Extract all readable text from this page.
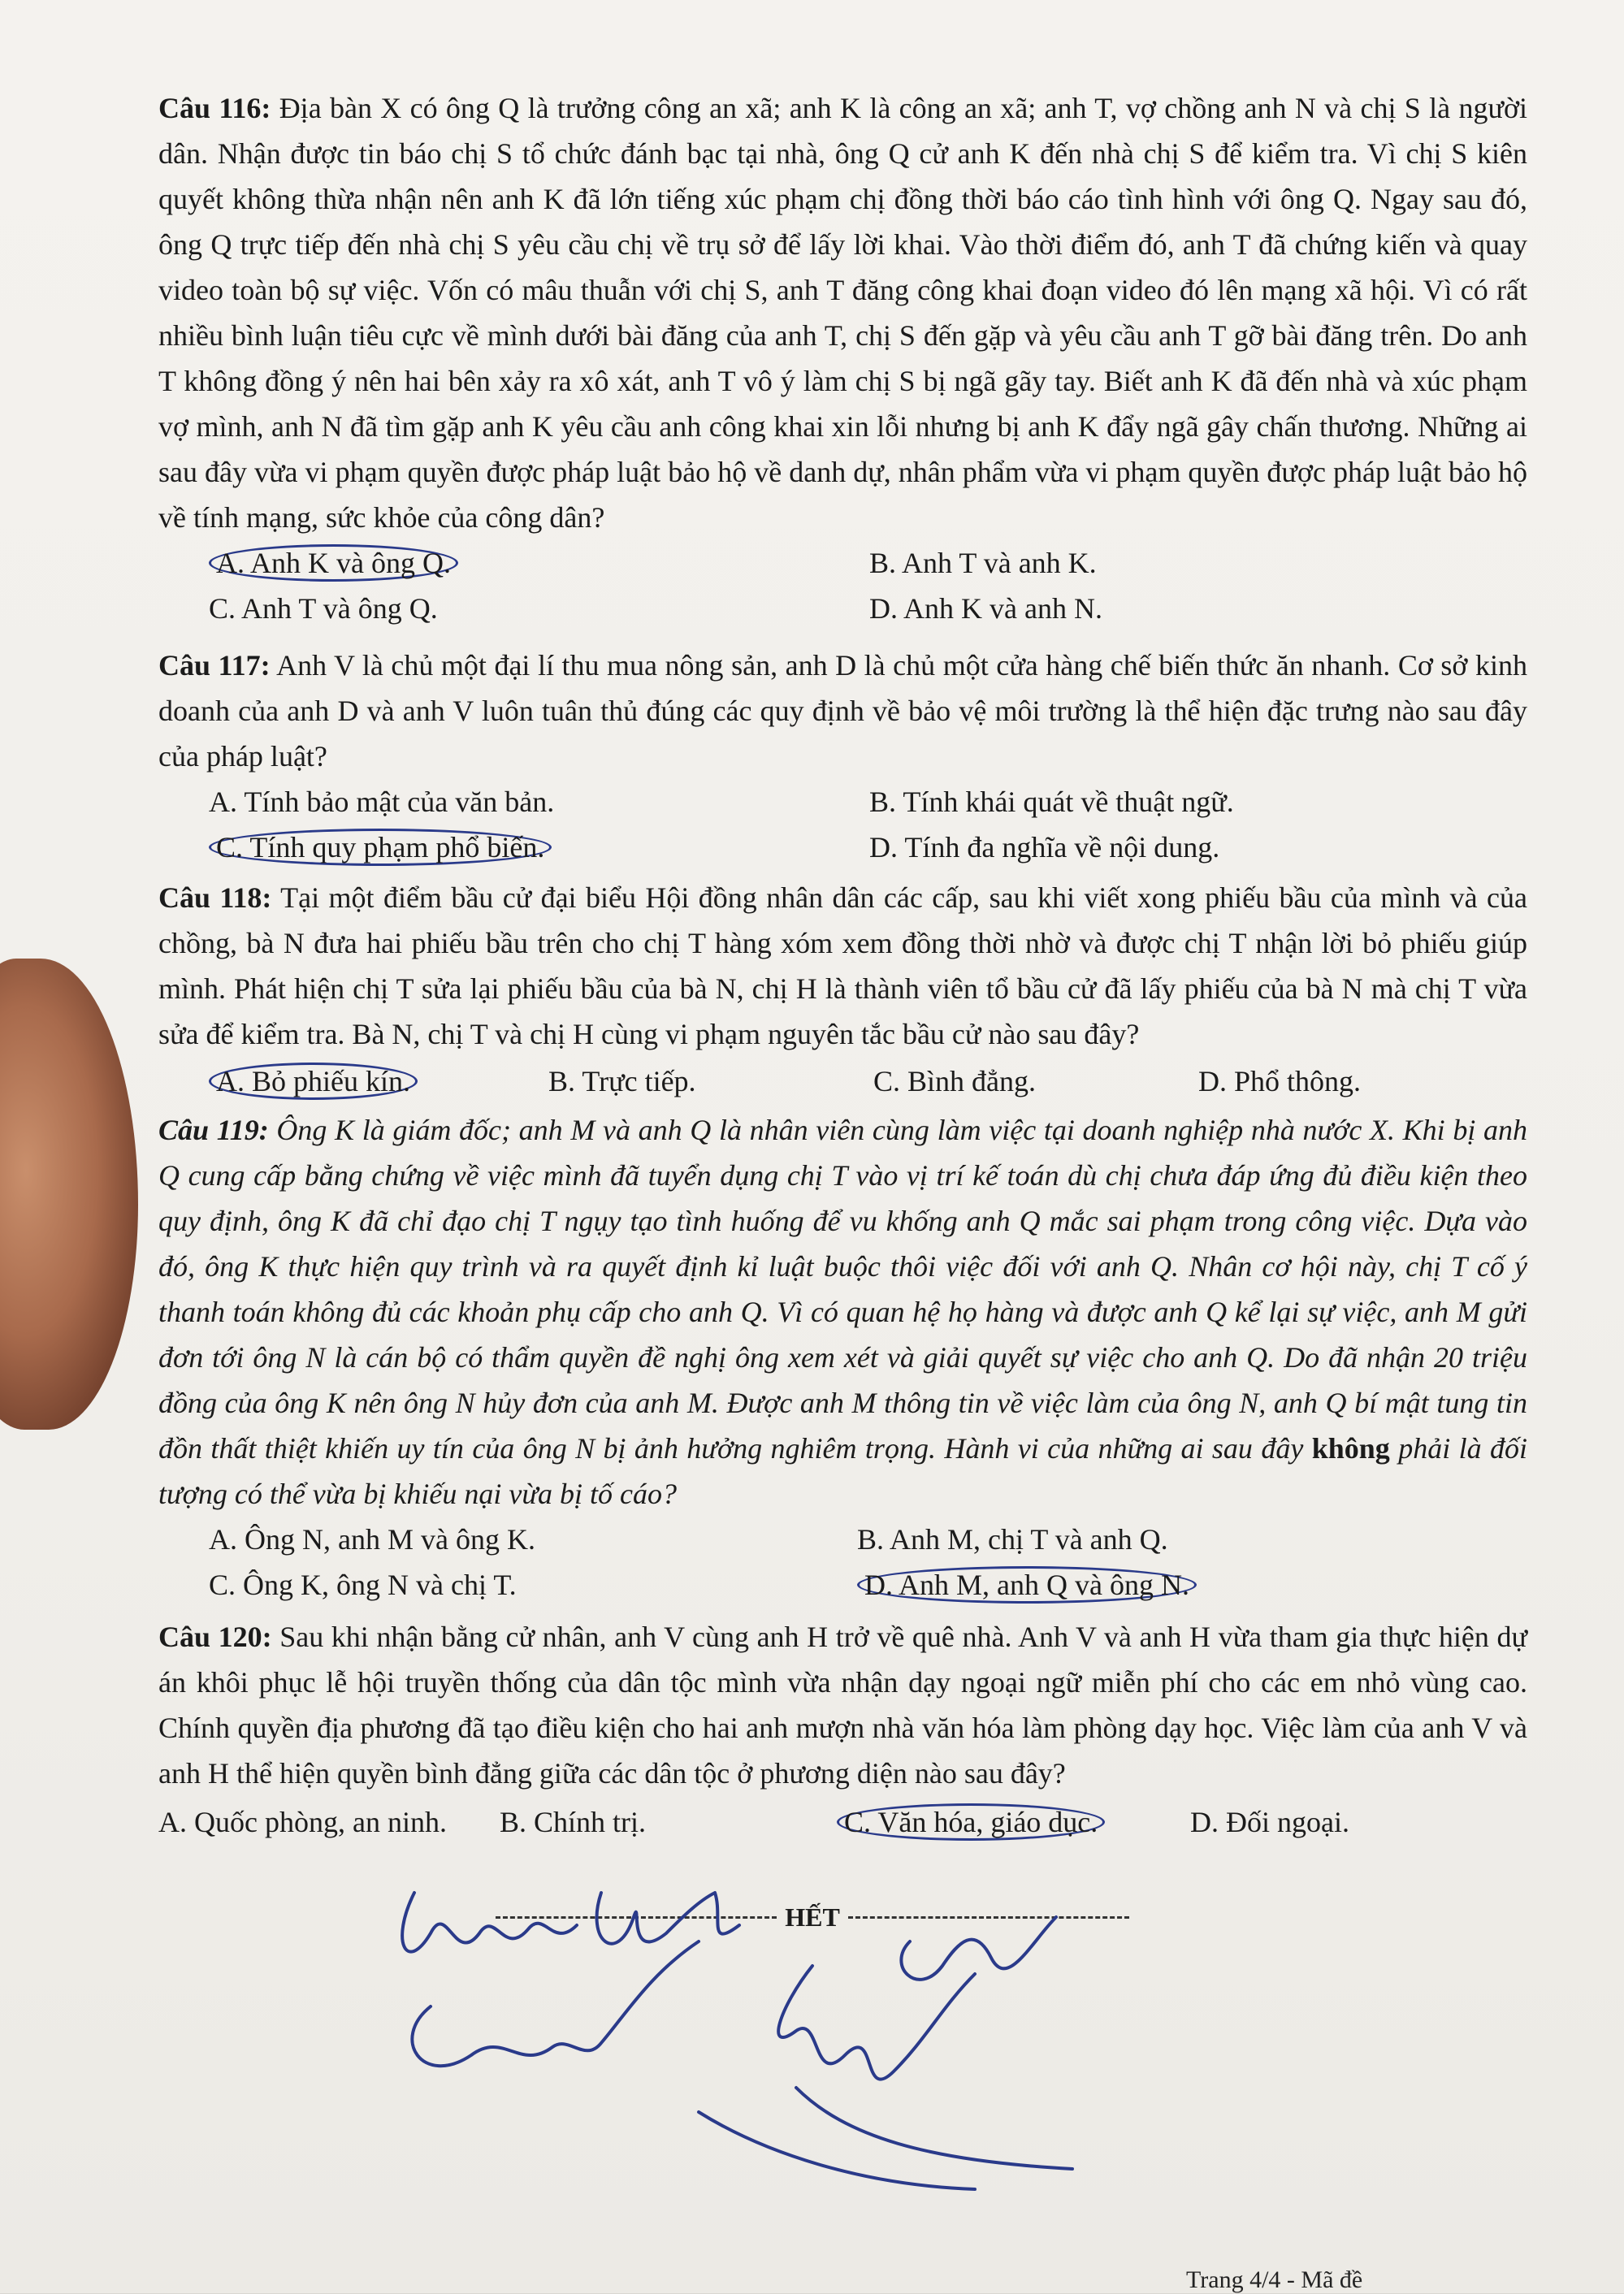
Câu 116: Địa bàn X có ông Q là trưởng công an xã; anh K là công an xã; anh T, vợ chồng anh N và chị S là người dân. Nhận được tin báo chị S tổ chức đánh bạc tại nhà, ông Q cử anh K đến nhà chị S để kiểm tra. Vì chị S kiên quyết không thừa nhận nên anh K đã lớn tiếng xúc phạm chị đồng thời báo cáo tình hình với ông Q. Ngay sau đó, ông Q trực tiếp đến nhà chị S yêu cầu chị về trụ sở để lấy lời khai. Vào thời điểm đó, anh T đã chứng kiến và quay video toàn bộ sự việc. Vốn có mâu thuẫn với chị S, anh T đăng công khai đoạn video đó lên mạng xã hội. Vì có rất nhiều bình luận tiêu cực về mình dưới bài đăng của anh T, chị S đến gặp và yêu cầu anh T gỡ bài đăng trên. Do anh T không đồng ý nên hai bên xảy ra xô xát, anh T vô ý làm chị S bị ngã gãy tay. Biết anh K đã đến nhà và xúc phạm vợ mình, anh N đã tìm gặp anh K yêu cầu anh công khai xin lỗi nhưng bị anh K đẩy ngã gây chấn thương. Những ai sau đây vừa vi phạm quyền được pháp luật bảo hộ về danh dự, nhân phẩm vừa vi phạm quyền được pháp luật bảo hộ về tính mạng, sức khỏe của công dân?

A. Anh K và ông Q.	B. Anh T và anh K.
C. Anh T và ông Q.	D. Anh K và anh N.

Câu 117: Anh V là chủ một đại lí thu mua nông sản, anh D là chủ một cửa hàng chế biến thức ăn nhanh. Cơ sở kinh doanh của anh D và anh V luôn tuân thủ đúng các quy định về bảo vệ môi trường là thể hiện đặc trưng nào sau đây của pháp luật?

A. Tính bảo mật của văn bản.	B. Tính khái quát về thuật ngữ.
C. Tính quy phạm phổ biến.	D. Tính đa nghĩa về nội dung.

Câu 118: Tại một điểm bầu cử đại biểu Hội đồng nhân dân các cấp, sau khi viết xong phiếu bầu của mình và của chồng, bà N đưa hai phiếu bầu trên cho chị T hàng xóm xem đồng thời nhờ và được chị T nhận lời bỏ phiếu giúp mình. Phát hiện chị T sửa lại phiếu bầu của bà N, chị H là thành viên tổ bầu cử đã lấy phiếu của bà N mà chị T vừa sửa để kiểm tra. Bà N, chị T và chị H cùng vi phạm nguyên tắc bầu cử nào sau đây?

A. Bỏ phiếu kín.	B. Trực tiếp.	C. Bình đẳng.	D. Phổ thông.

Câu 119: Ông K là giám đốc; anh M và anh Q là nhân viên cùng làm việc tại doanh nghiệp nhà nước X. Khi bị anh Q cung cấp bằng chứng về việc mình đã tuyển dụng chị T vào vị trí kế toán dù chị chưa đáp ứng đủ điều kiện theo quy định, ông K đã chỉ đạo chị T ngụy tạo tình huống để vu khống anh Q mắc sai phạm trong công việc. Dựa vào đó, ông K thực hiện quy trình và ra quyết định kỉ luật buộc thôi việc đối với anh Q. Nhân cơ hội này, chị T cố ý thanh toán không đủ các khoản phụ cấp cho anh Q. Vì có quan hệ họ hàng và được anh Q kể lại sự việc, anh M gửi đơn tới ông N là cán bộ có thẩm quyền đề nghị ông xem xét và giải quyết sự việc cho anh Q. Do đã nhận 20 triệu đồng của ông K nên ông N hủy đơn của anh M. Được anh M thông tin về việc làm của ông N, anh Q bí mật tung tin đồn thất thiệt khiến uy tín của ông N bị ảnh hưởng nghiêm trọng. Hành vi của những ai sau đây không phải là đối tượng có thể vừa bị khiếu nại vừa bị tố cáo?

A. Ông N, anh M và ông K.	B. Anh M, chị T và anh Q.
C. Ông K, ông N và chị T.	D. Anh M, anh Q và ông N.

Câu 120: Sau khi nhận bằng cử nhân, anh V cùng anh H trở về quê nhà. Anh V và anh H vừa tham gia thực hiện dự án khôi phục lễ hội truyền thống của dân tộc mình vừa nhận dạy ngoại ngữ miễn phí cho các em nhỏ vùng cao. Chính quyền địa phương đã tạo điều kiện cho hai anh mượn nhà văn hóa làm phòng dạy học. Việc làm của anh V và anh H thể hiện quyền bình đẳng giữa các dân tộc ở phương diện nào sau đây?

A. Quốc phòng, an ninh. B. Chính trị.	C. Văn hóa, giáo dục.	D. Đối ngoại.
HẾT
Trang 4/4 - Mã đề
